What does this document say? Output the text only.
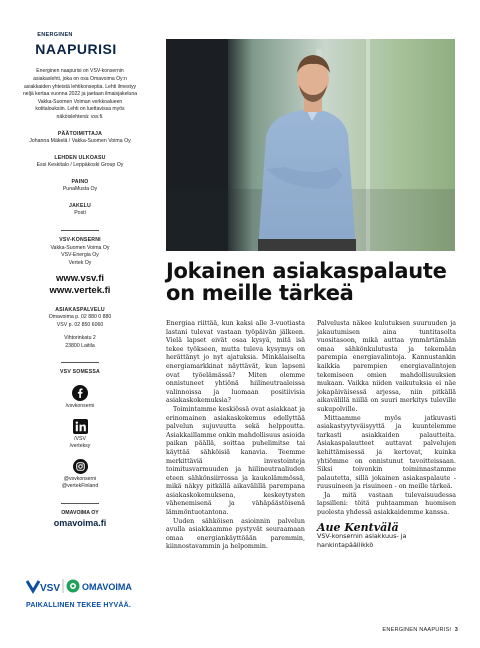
ENERGINEN
NAAPURISI
Energinen naapurisi on VSV-konsernin asiakaslehti, joka on osa Omavoima Oy:n asiakkaiden yhteistä lehtikonseptia. Lehti ilmestyy neljä kertaa vuonna 2022 ja jaetaan ilmaisjakeluna Vakka-Suomen Voiman verkkoalueen kotitalouksiin. Lehti on luettavissa myös näköislehtenä: vsv.fi.
PÄÄTOIMITTAJA
Johanna Mäkelä / Vakka-Suomen Voima Oy
LEHDEN ULKOASU
Essi Keskitalo / Leppäkoski Group Oy
PAINO
PunaMusta Oy
JAKELU
Posti
VSV-KONSERNI
Vakka-Suomen Voima Oy
VSV-Energia Oy
Vertek Oy
www.vsv.fi
www.vertek.fi
ASIAKASPALVELU
Omavoima p. 02 880 0 880
VSV p. 02 850 6060
Vihtorinkatu 2
23800 Laitila
VSV SOMESSA
/vsvkonserni
/VSV
/verteksy
@vsvkonserni
@vertekFinland
OMAVOIMA OY
omavoima.fi
VSV OMAVOIMA
PAIKALLINEN TEKEE HYVÄÄ.
Jokainen asiakaspalaute
on meille tärkeä

Energiaa riittää, kun kaksi alle 3-vuotiasta lastani tulevat vastaan työpäivän jälkeen. Vielä lapset eivät osaa kysyä, mitä isä tekee työkseen, mutta tuleva kysymys on herättänyt jo nyt ajatuksia. Minkälaiselta energiamarkkinat näyttävät, kun lapseni ovat työelämässä? Miten olemme onnistuneet yhtiönä hiilineutraaleissa valinnoissa ja luomaan positiivisia asiakaskokemuksia?

Toimintamme keskiössä ovat asiakkaat ja erinomainen asiakaskokemus edellyttää palvelun sujuvuutta sekä helppoutta. Asiakkaillamme onkin mahdollisuus asioida paikan päällä, soittaa puhelimitse tai käyttää sähköisiä kanavia. Teemme merkittäviä investointeja toimitusvarmuuden ja hiilineutraaliuden eteen sähkönsiirrossa ja kaukolämmössä, mikä näkyy pitkällä aikavälillä parempana asiakaskokemuksena, keskeytysten vähenemisenä ja vähäpäästöisenä lämmöntuotantona.

Uuden sähköisen asioinnin palvelun avulla asiakkaamme pystyvät seuraamaan omaa energiankäyttöään paremmin, kiinnostavammin ja helpommin.

Palvelusta näkee kulutuksen suuruuden ja jakautumisen aina tuntitasolta vuositasoon, mikä auttaa ymmärtämään omaa sähkönkulutusta ja tekemään parempia energiavalintoja. Kannustankin kaikkia parempien energiavalintojen tekemiseen omien mahdollisuuksien mukaan. Vaikka niiden vaikutuksia ei näe jokapäiväisessä arjessa, niin pitkällä aikavälillä niillä on suuri merkitys tuleville sukupolville.

Mittaamme myös jatkuvasti asiakastyytyväisyyttä ja kuuntelemme tarkasti asiakkaiden palautteita. Asiakaspalautteet auttavat palvelujen kehittämisessä ja kertovat, kuinka yhtiömme on onnistunut tavoitteissaan. Siksi toivonkin toiminnastamme palautetta, sillä jokainen asiakaspalaute - ruusuineen ja risuineen - on meille tärkeä.

Ja mitä vastaan tulevaisuudessa lapsilleni: töitä puhtaamman huomisen puolesta yhdessä asiakkaidemme kanssa.

Aue Kentvälä
VSV-konsernin asiakkuus- ja
hankintapäällikkö
ENERGINEN NAAPURISI 3
